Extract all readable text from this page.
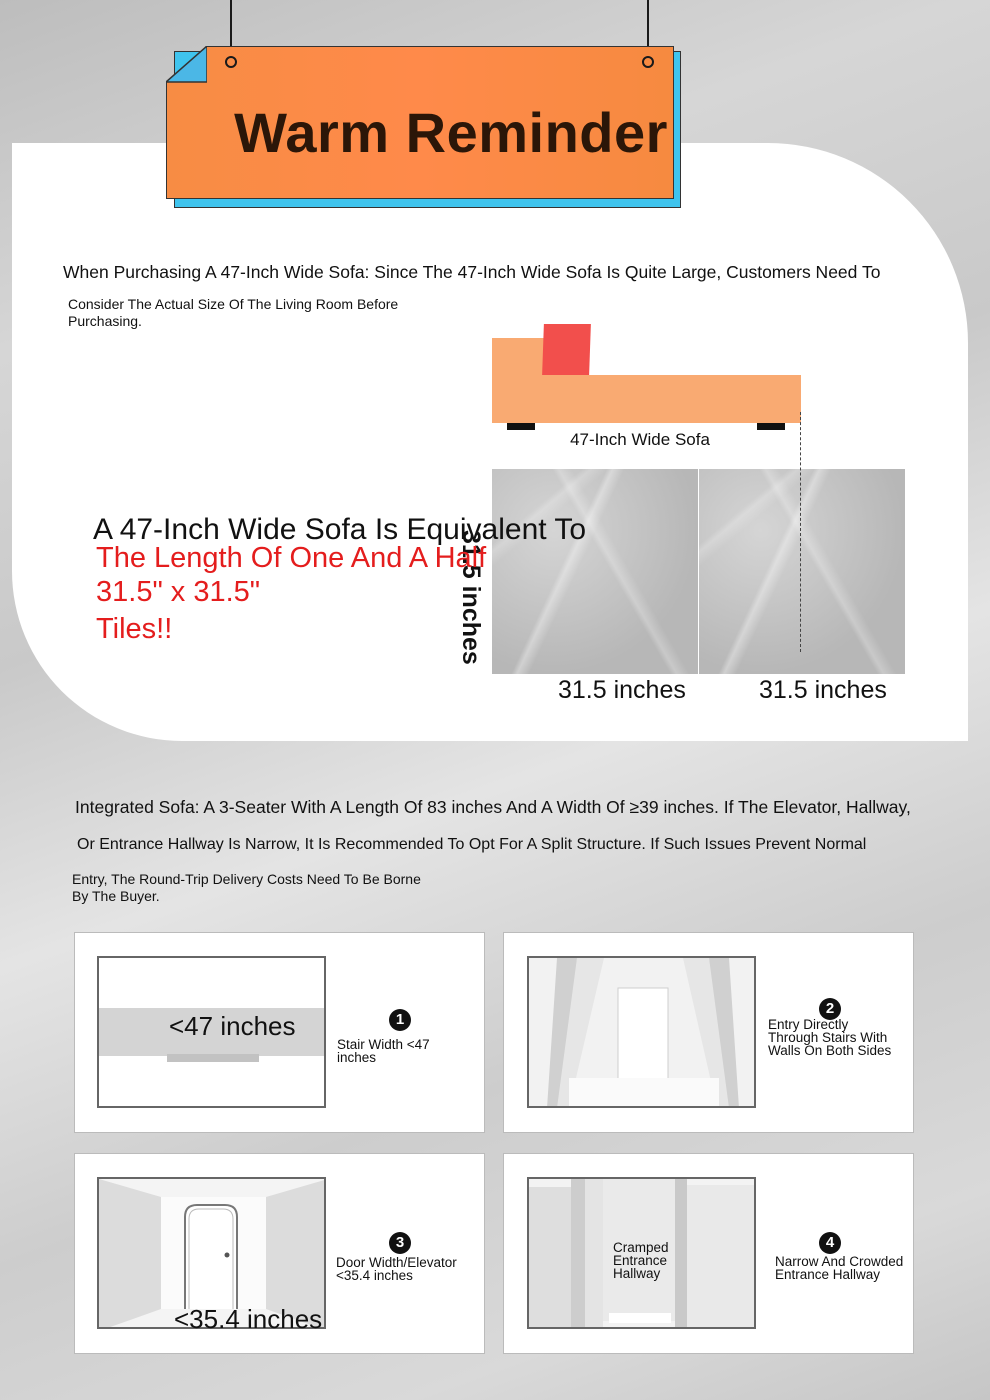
Warm Reminder
When Purchasing A 47-Inch Wide Sofa: Since The 47-Inch Wide Sofa Is Quite Large, Customers Need To
Consider The Actual Size Of The Living Room Before Purchasing.
47-Inch Wide Sofa
31.5 inches	31.5 inches
31.5 inches
A 47-Inch Wide Sofa Is Equivalent To
The Length Of One And A Half
31.5" x 31.5"
Tiles!!
Integrated Sofa: A 3-Seater With A Length Of 83 inches And A Width Of ≥39 inches. If The Elevator, Hallway,
Or Entrance Hallway Is Narrow, It Is Recommended To Opt For A Split Structure. If Such Issues Prevent Normal
Entry, The Round-Trip Delivery Costs Need To Be Borne By The Buyer.
<47 inches	1
Stair Width <47 inches
2
Entry Directly Through Stairs With Walls On Both Sides
<35.4 inches
3
Door Width/Elevator <35.4 inches
Cramped Entrance Hallway
4
Narrow And Crowded Entrance Hallway
